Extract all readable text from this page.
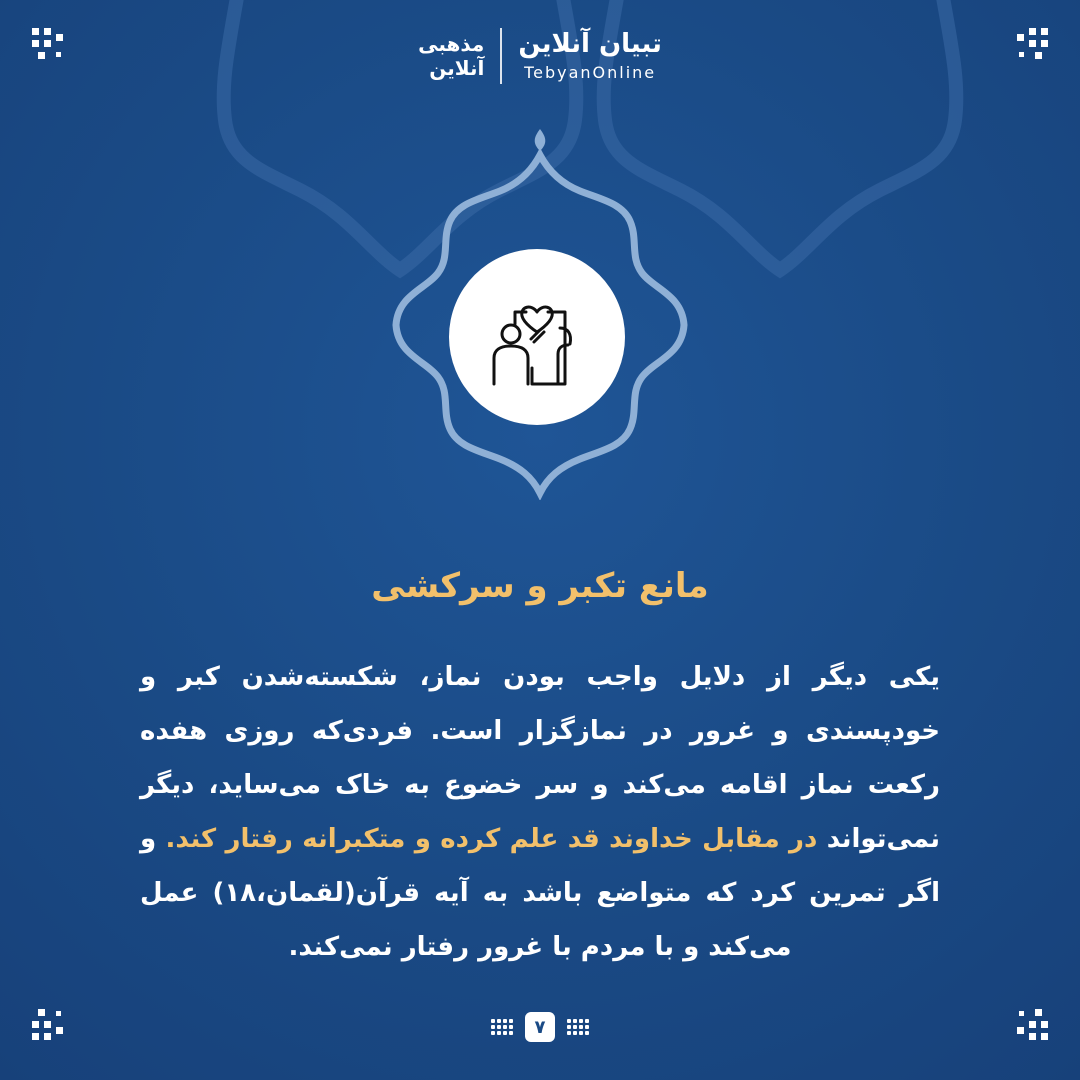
مذهبی
آنلاین
تبیان آنلاین
TebyanOnline
مانع تکبر و سرکشی
یکی دیگر از دلایل واجب بودن نماز، شکسته‌شدن کبر و خودپسندی و غرور در نمازگزار است. فردی‌که روزی هفده رکعت نماز اقامه می‌کند و سر خضوع به خاک می‌ساید، دیگر نمی‌تواند در مقابل خداوند قد علم کرده و متکبرانه رفتار کند. و اگر تمرین کرد که متواضع باشد به آیه قرآن(لقمان،۱۸) عمل می‌کند و با مردم با غرور رفتار نمی‌کند.
۷
